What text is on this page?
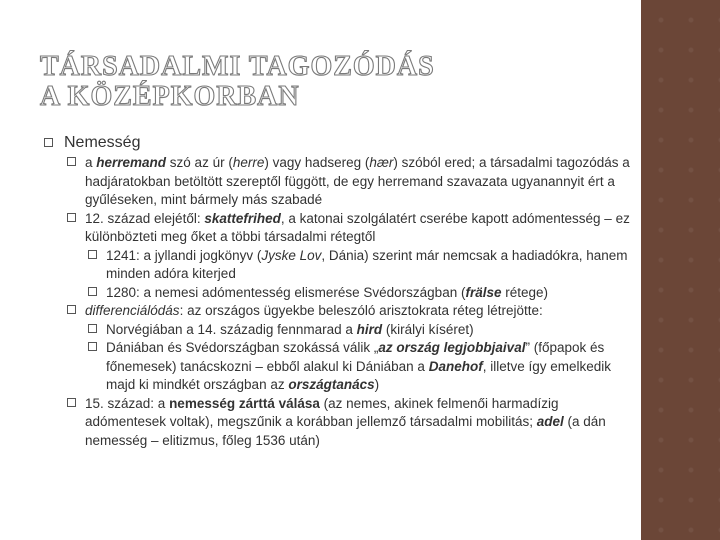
TÁRSADALMI TAGOZÓDÁS
A KÖZÉPKORBAN
Nemesség
a herremand szó az úr (herre) vagy hadsereg (hær) szóból ered; a társadalmi tagozódás a hadjáratokban betöltött szereptől függött, de egy herremand szavazata ugyanannyit ért a gyűléseken, mint bármely más szabadé
12. század elejétől: skattefrihed, a katonai szolgálatért cserébe kapott adómentesség – ez különbözteti meg őket a többi társadalmi rétegtől
1241: a jyllandi jogkönyv (Jyske Lov, Dánia) szerint már nemcsak a hadiadókra, hanem minden adóra kiterjed
1280: a nemesi adómentesség elismerése Svédországban (frälse rétege)
differenciálódás: az országos ügyekbe beleszóló arisztokrata réteg létrejötte:
Norvégiában a 14. századig fennmarad a hird (királyi kíséret)
Dániában és Svédországban szokássá válik „az ország legjobbjaival” (főpapok és főnemesek) tanácskozni – ebből alakul ki Dániában a Danehof, illetve így emelkedik majd ki mindkét országban az országtanács)
15. század: a nemesség zárttá válása (az nemes, akinek felmenői harmadízig adómentesek voltak), megszűnik a korábban jellemző társadalmi mobilitás; adel (a dán nemesség – elitizmus, főleg 1536 után)
